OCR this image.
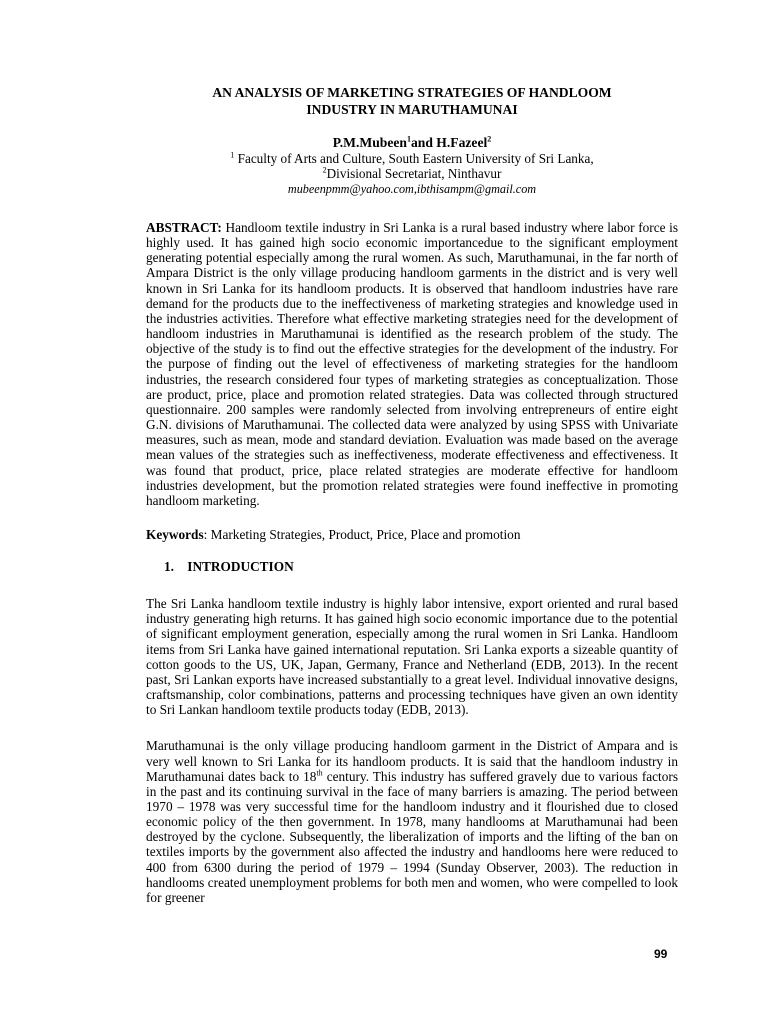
AN ANALYSIS OF MARKETING STRATEGIES OF HANDLOOM
INDUSTRY IN MARUTHAMUNAI

P.M.Mubeen$^1$and H.Fazeel$^2$

$^1$ Faculty of Arts and Culture, South Eastern University of Sri Lanka,

$^2$Divisional Secretariat, Ninthavur

mubeenpmm@yahoo.com,ibthisampm@gmail.com

ABSTRACT: Handloom textile industry in Sri Lanka is a rural based industry where labor force is highly used. It has gained high socio economic importancedue to the significant employment generating potential especially among the rural women. As such, Maruthamunai, in the far north of Ampara District is the only village producing handloom garments in the district and is very well known in Sri Lanka for its handloom products. It is observed that handloom industries have rare demand for the products due to the ineffectiveness of marketing strategies and knowledge used in the industries activities. Therefore what effective marketing strategies need for the development of handloom industries in Maruthamunai is identified as the research problem of the study. The objective of the study is to find out the effective strategies for the development of the industry. For the purpose of finding out the level of effectiveness of marketing strategies for the handloom industries, the research considered four types of marketing strategies as conceptualization. Those are product, price, place and promotion related strategies. Data was collected through structured questionnaire. 200 samples were randomly selected from involving entrepreneurs of entire eight G.N. divisions of Maruthamunai. The collected data were analyzed by using SPSS with Univariate measures, such as mean, mode and standard deviation. Evaluation was made based on the average mean values of the strategies such as ineffectiveness, moderate effectiveness and effectiveness. It was found that product, price, place related strategies are moderate effective for handloom industries development, but the promotion related strategies were found ineffective in promoting handloom marketing.

Keywords: Marketing Strategies, Product, Price, Place and promotion

1. INTRODUCTION

The Sri Lanka handloom textile industry is highly labor intensive, export oriented and rural based industry generating high returns. It has gained high socio economic importance due to the potential of significant employment generation, especially among the rural women in Sri Lanka. Handloom items from Sri Lanka have gained international reputation. Sri Lanka exports a sizeable quantity of cotton goods to the US, UK, Japan, Germany, France and Netherland (EDB, 2013). In the recent past, Sri Lankan exports have increased substantially to a great level. Individual innovative designs, craftsmanship, color combinations, patterns and processing techniques have given an own identity to Sri Lankan handloom textile products today (EDB, 2013).

Maruthamunai is the only village producing handloom garment in the District of Ampara and is very well known to Sri Lanka for its handloom products. It is said that the handloom industry in Maruthamunai dates back to 18th century. This industry has suffered gravely due to various factors in the past and its continuing survival in the face of many barriers is amazing. The period between 1970 – 1978 was very successful time for the handloom industry and it flourished due to closed economic policy of the then government. In 1978, many handlooms at Maruthamunai had been destroyed by the cyclone. Subsequently, the liberalization of imports and the lifting of the ban on textiles imports by the government also affected the industry and handlooms here were reduced to 400 from 6300 during the period of 1979 – 1994 (Sunday Observer, 2003). The reduction in handlooms created unemployment problems for both men and women, who were compelled to look for greener

99
